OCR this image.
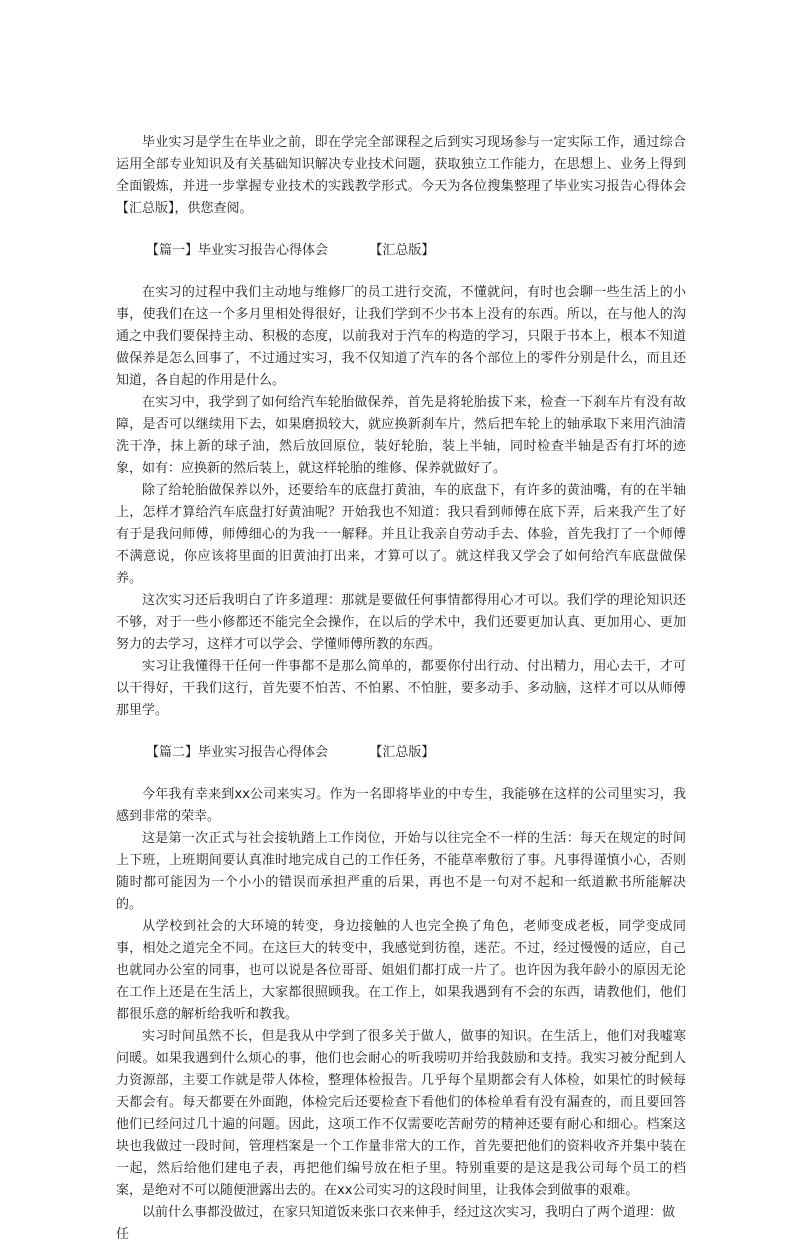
毕业实习是学生在毕业之前，即在学完全部课程之后到实习现场参与一定实际工作，通过综合运用全部专业知识及有关基础知识解决专业技术问题，获取独立工作能力，在思想上、业务上得到全面锻炼，并进一步掌握专业技术的实践教学形式。今天为各位搜集整理了毕业实习报告心得体会【汇总版】，供您查阅。

【篇一】毕业实习报告心得体会          【汇总版】

在实习的过程中我们主动地与维修厂的员工进行交流，不懂就问，有时也会聊一些生活上的小事，使我们在这一个多月里相处得很好，让我们学到不少书本上没有的东西。所以，在与他人的沟通之中我们要保持主动、积极的态度，以前我对于汽车的构造的学习，只限于书本上，根本不知道做保养是怎么回事了，不过通过实习，我不仅知道了汽车的各个部位上的零件分别是什么，而且还知道，各自起的作用是什么。

在实习中，我学到了如何给汽车轮胎做保养，首先是将轮胎拔下来，检查一下刹车片有没有故障，是否可以继续用下去，如果磨损较大，就应换新刹车片，然后把车轮上的轴承取下来用汽油清洗干净，抹上新的球子油，然后放回原位，装好轮胎，装上半轴，同时检查半轴是否有打坏的迹象，如有：应换新的然后装上，就这样轮胎的维修、保养就做好了。

除了给轮胎做保养以外，还要给车的底盘打黄油，车的底盘下，有许多的黄油嘴，有的在半轴上，怎样才算给汽车底盘打好黄油呢？开始我也不知道：我只看到师傅在底下弄，后来我产生了好有于是我问师傅，师傅细心的为我一一解释。并且让我亲自劳动手去、体验，首先我打了一个师傅不满意说，你应该将里面的旧黄油打出来，才算可以了。就这样我又学会了如何给汽车底盘做保养。

这次实习还后我明白了许多道理：那就是要做任何事情都得用心才可以。我们学的理论知识还不够，对于一些小修都还不能完全会操作，在以后的学术中，我们还要更加认真、更加用心、更加努力的去学习，这样才可以学会、学懂师傅所教的东西。

实习让我懂得干任何一件事都不是那么简单的，都要你付出行动、付出精力，用心去干，才可以干得好，干我们这行，首先要不怕苦、不怕累、不怕脏，要多动手、多动脑，这样才可以从师傅那里学。

【篇二】毕业实习报告心得体会          【汇总版】

今年我有幸来到xx公司来实习。作为一名即将毕业的中专生，我能够在这样的公司里实习，我感到非常的荣幸。

这是第一次正式与社会接轨踏上工作岗位，开始与以往完全不一样的生活：每天在规定的时间上下班，上班期间要认真准时地完成自己的工作任务，不能草率敷衍了事。凡事得谨慎小心，否则随时都可能因为一个小小的错误而承担严重的后果，再也不是一句对不起和一纸道歉书所能解决的。

从学校到社会的大环境的转变，身边接触的人也完全换了角色，老师变成老板，同学变成同事，相处之道完全不同。在这巨大的转变中，我感觉到彷徨，迷茫。不过，经过慢慢的适应，自己也就同办公室的同事，也可以说是各位哥哥、姐姐们都打成一片了。也许因为我年龄小的原因无论在工作上还是在生活上，大家都很照顾我。在工作上，如果我遇到有不会的东西，请教他们，他们都很乐意的解析给我听和教我。

实习时间虽然不长，但是我从中学到了很多关于做人，做事的知识。在生活上，他们对我嘘寒问暖。如果我遇到什么烦心的事，他们也会耐心的听我唠叨并给我鼓励和支持。我实习被分配到人力资源部，主要工作就是带人体检，整理体检报告。几乎每个星期都会有人体检，如果忙的时候每天都会有。每天都要在外面跑，体检完后还要检查下看他们的体检单看有没有漏查的，而且要回答他们已经问过几十遍的问题。因此，这项工作不仅需要吃苦耐劳的精神还要有耐心和细心。档案这块也我做过一段时间，管理档案是一个工作量非常大的工作，首先要把他们的资料收齐并集中装在一起，然后给他们建电子表，再把他们编号放在柜子里。特别重要的是这是我公司每个员工的档案，是绝对不可以随便泄露出去的。在xx公司实习的这段时间里，让我体会到做事的艰难。

以前什么事都没做过，在家只知道饭来张口衣来伸手，经过这次实习，我明白了两个道理：做任
